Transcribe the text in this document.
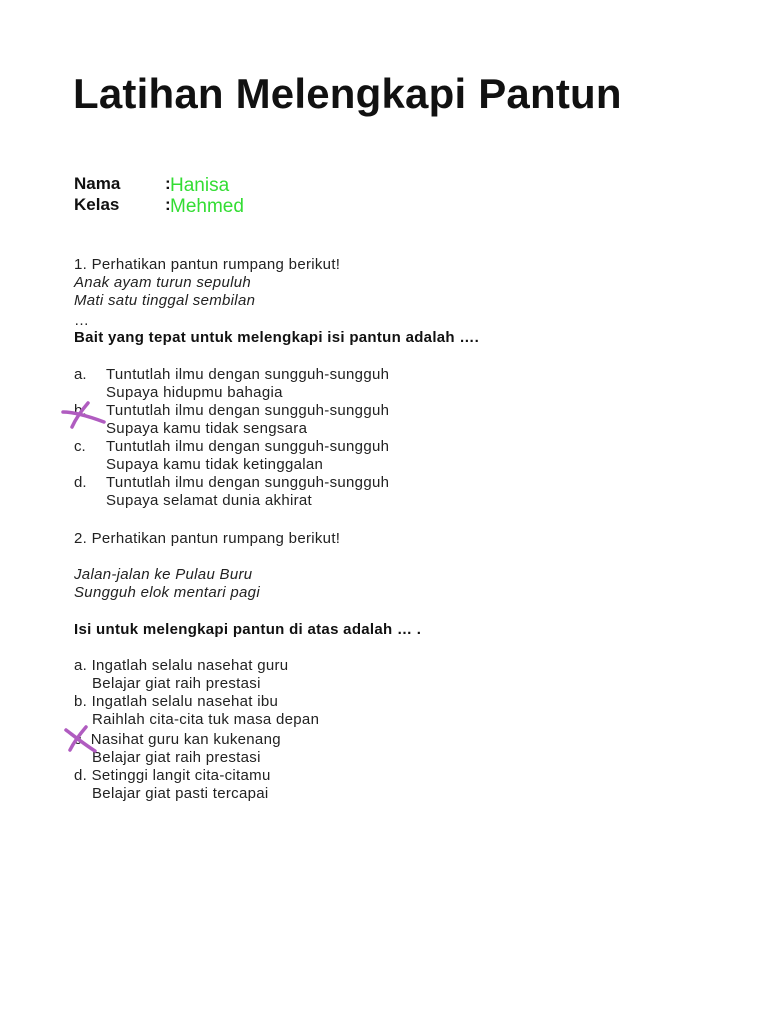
Latihan Melengkapi Pantun
Nama	: Hanisa
Kelas	: Mehmed
1. Perhatikan pantun rumpang berikut!
Anak ayam turun sepuluh
Mati satu tinggal sembilan
…
Bait yang tepat untuk melengkapi isi pantun adalah ….
a. Tuntutlah ilmu dengan sungguh-sungguh
Supaya hidupmu bahagia
b. Tuntutlah ilmu dengan sungguh-sungguh
Supaya kamu tidak sengsara
c. Tuntutlah ilmu dengan sungguh-sungguh
Supaya kamu tidak ketinggalan
d. Tuntutlah ilmu dengan sungguh-sungguh
Supaya selamat dunia akhirat
2. Perhatikan pantun rumpang berikut!
Jalan-jalan ke Pulau Buru
Sungguh elok mentari pagi
Isi untuk melengkapi pantun di atas adalah … .
a. Ingatlah selalu nasehat guru
Belajar giat raih prestasi
b. Ingatlah selalu nasehat ibu
Raihlah cita-cita tuk masa depan
c. Nasihat guru kan kukenang
Belajar giat raih prestasi
d. Setinggi langit cita-citamu
Belajar giat pasti tercapai
